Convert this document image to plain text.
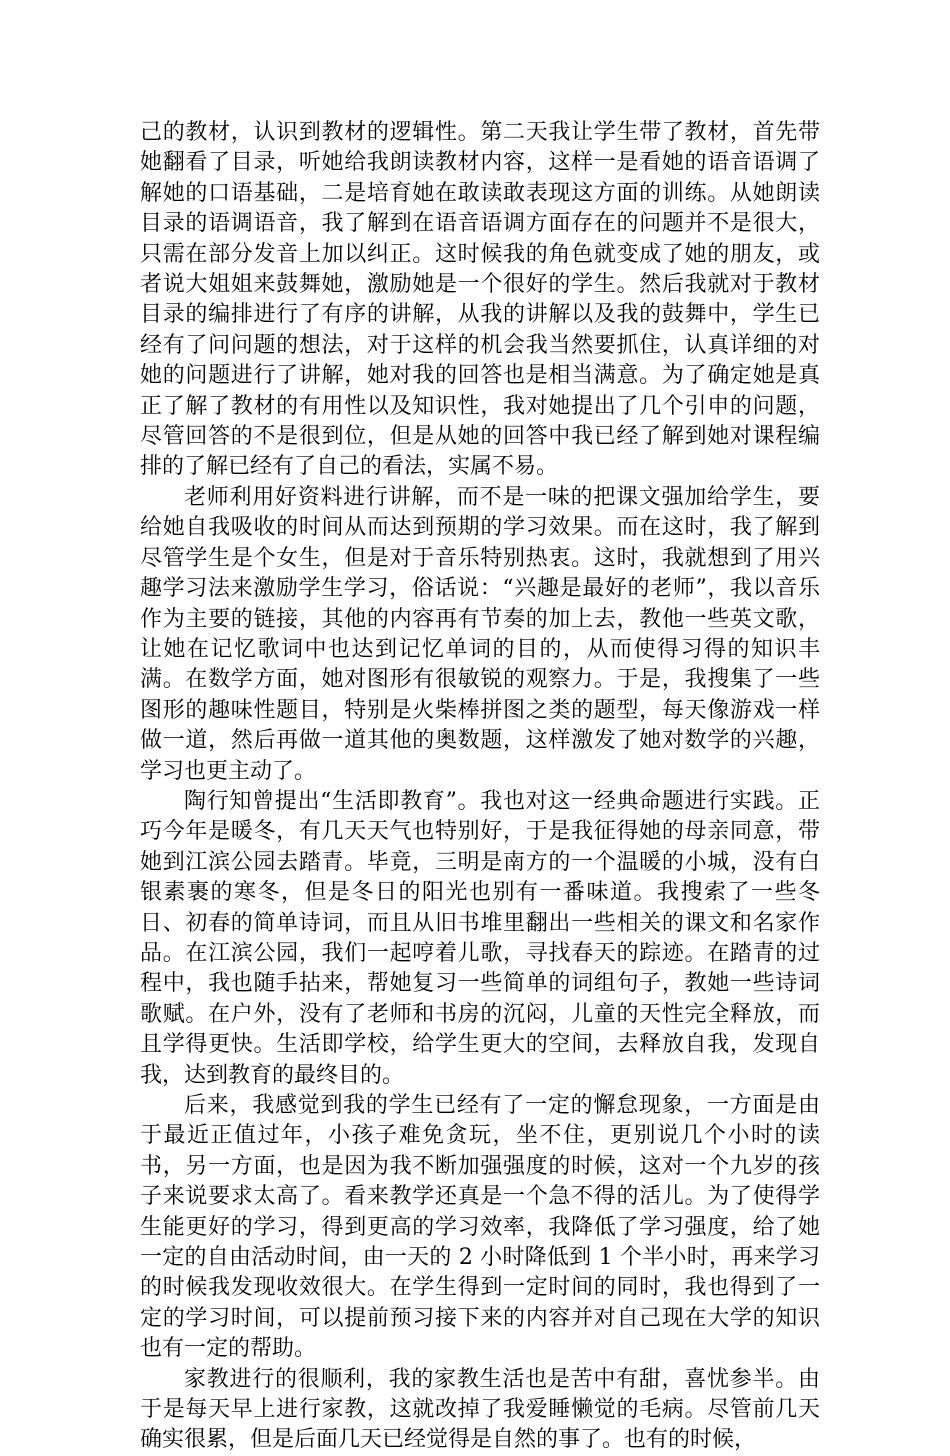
己的教材，认识到教材的逻辑性。第二天我让学生带了教材，首先带她翻看了目录，听她给我朗读教材内容，这样一是看她的语音语调了解她的口语基础，二是培育她在敢读敢表现这方面的训练。从她朗读目录的语调语音，我了解到在语音语调方面存在的问题并不是很大，只需在部分发音上加以纠正。这时候我的角色就变成了她的朋友，或者说大姐姐来鼓舞她，激励她是一个很好的学生。然后我就对于教材目录的编排进行了有序的讲解，从我的讲解以及我的鼓舞中，学生已经有了问问题的想法，对于这样的机会我当然要抓住，认真详细的对她的问题进行了讲解，她对我的回答也是相当满意。为了确定她是真正了解了教材的有用性以及知识性，我对她提出了几个引申的问题，尽管回答的不是很到位，但是从她的回答中我已经了解到她对课程编排的了解已经有了自己的看法，实属不易。

老师利用好资料进行讲解，而不是一味的把课文强加给学生，要给她自我吸收的时间从而达到预期的学习效果。而在这时，我了解到尽管学生是个女生，但是对于音乐特别热衷。这时，我就想到了用兴趣学习法来激励学生学习，俗话说：“兴趣是最好的老师”，我以音乐作为主要的链接，其他的内容再有节奏的加上去，教他一些英文歌，让她在记忆歌词中也达到记忆单词的目的，从而使得习得的知识丰满。在数学方面，她对图形有很敏锐的观察力。于是，我搜集了一些图形的趣味性题目，特别是火柴棒拼图之类的题型，每天像游戏一样做一道，然后再做一道其他的奥数题，这样激发了她对数学的兴趣，学习也更主动了。

陶行知曾提出“生活即教育”。我也对这一经典命题进行实践。正巧今年是暖冬，有几天天气也特别好，于是我征得她的母亲同意，带她到江滨公园去踏青。毕竟，三明是南方的一个温暖的小城，没有白银素裹的寒冬，但是冬日的阳光也别有一番味道。我搜索了一些冬日、初春的简单诗词，而且从旧书堆里翻出一些相关的课文和名家作品。在江滨公园，我们一起哼着儿歌，寻找春天的踪迹。在踏青的过程中，我也随手拈来，帮她复习一些简单的词组句子，教她一些诗词歌赋。在户外，没有了老师和书房的沉闷，儿童的天性完全释放，而且学得更快。生活即学校，给学生更大的空间，去释放自我，发现自我，达到教育的最终目的。

后来，我感觉到我的学生已经有了一定的懈怠现象，一方面是由于最近正值过年，小孩子难免贪玩，坐不住，更别说几个小时的读书，另一方面，也是因为我不断加强强度的时候，这对一个九岁的孩子来说要求太高了。看来教学还真是一个急不得的活儿。为了使得学生能更好的学习，得到更高的学习效率，我降低了学习强度，给了她一定的自由活动时间，由一天的 2 小时降低到 1 个半小时，再来学习的时候我发现收效很大。在学生得到一定时间的同时，我也得到了一定的学习时间，可以提前预习接下来的内容并对自己现在大学的知识也有一定的帮助。

家教进行的很顺利，我的家教生活也是苦中有甜，喜忧参半。由于是每天早上进行家教，这就改掉了我爱睡懒觉的毛病。尽管前几天确实很累，但是后面几天已经觉得是自然的事了。也有的时候，
